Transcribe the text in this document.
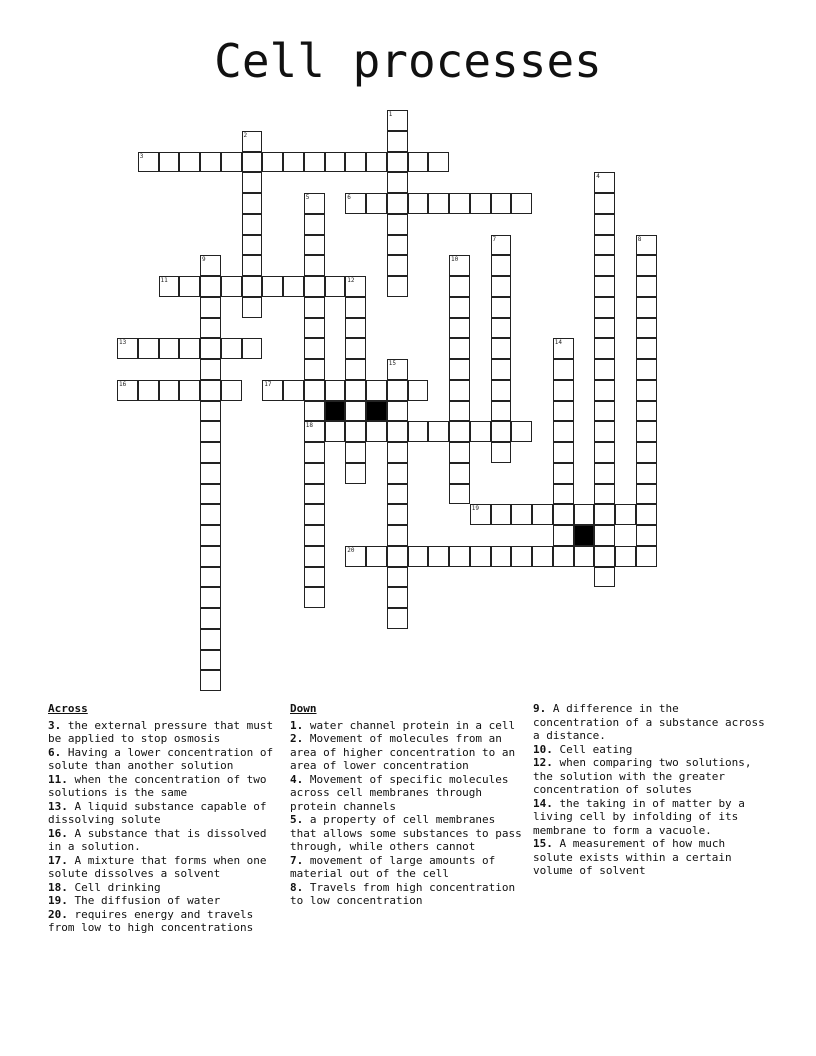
Cell processes
1
2
3
4
5	6
7	8
9	10
11	12
13	14
15
16	17
18
19
20
Across
3. the external pressure that must be applied to stop osmosis
6. Having a lower concentration of solute than another solution
11. when the concentration of two solutions is the same
13. A liquid substance capable of dissolving solute
16. A substance that is dissolved in a solution.
17. A mixture that forms when one solute dissolves a solvent
18. Cell drinking
19. The diffusion of water
20. requires energy and travels from low to high concentrations
Down
1. water channel protein in a cell
2. Movement of molecules from an area of higher concentration to an area of lower concentration
4. Movement of specific molecules across cell membranes through protein channels
5. a property of cell membranes that allows some substances to pass through, while others cannot
7. movement of large amounts of material out of the cell
8. Travels from high concentration to low concentration
9. A difference in the concentration of a substance across a distance.
10. Cell eating
12. when comparing two solutions, the solution with the greater concentration of solutes
14. the taking in of matter by a living cell by infolding of its membrane to form a vacuole.
15. A measurement of how much solute exists within a certain volume of solvent
